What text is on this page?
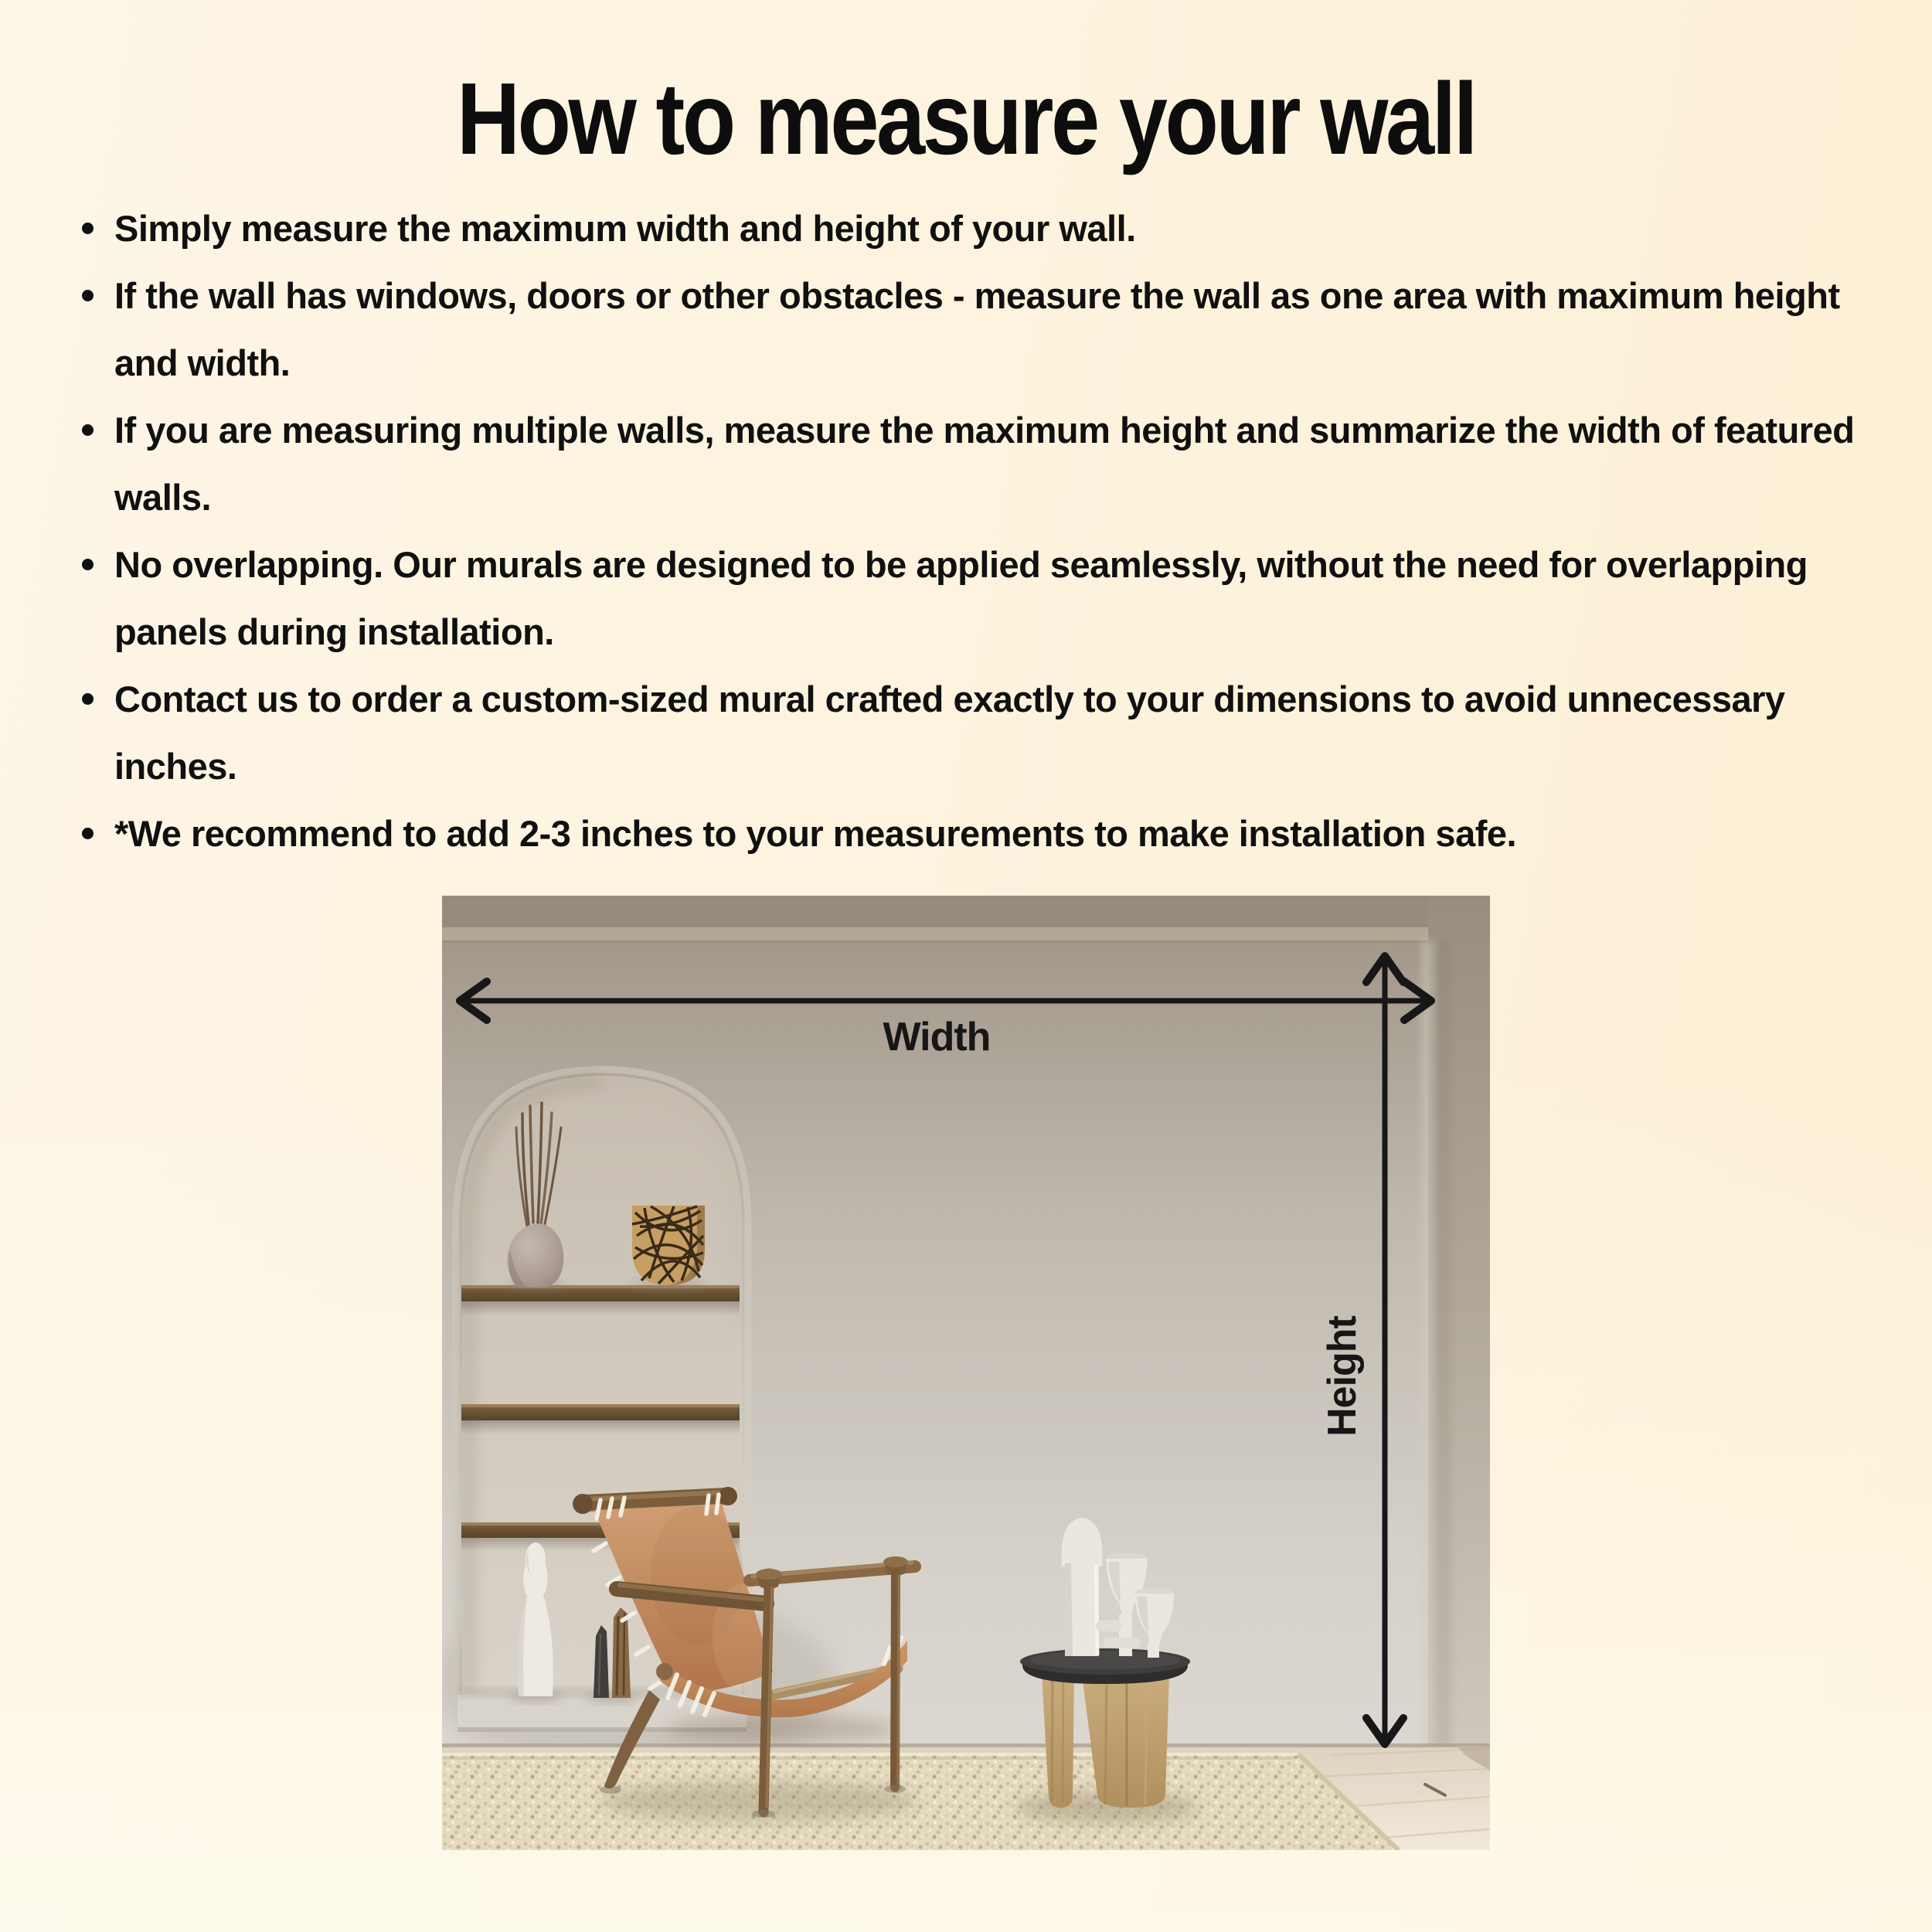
How to measure your wall
Simply measure the maximum width and height of your wall.
If the wall has windows, doors or other obstacles - measure the wall as one area with maximum height and width.
If you are measuring multiple walls, measure the maximum height and summarize the width of featured walls.
No overlapping. Our murals are designed to be applied seamlessly, without the need for overlapping panels during installation.
Contact us to order a custom-sized mural crafted exactly to your dimensions to avoid unnecessary inches.
*We recommend to add 2-3 inches to your measurements to make installation safe.
Width
Height
